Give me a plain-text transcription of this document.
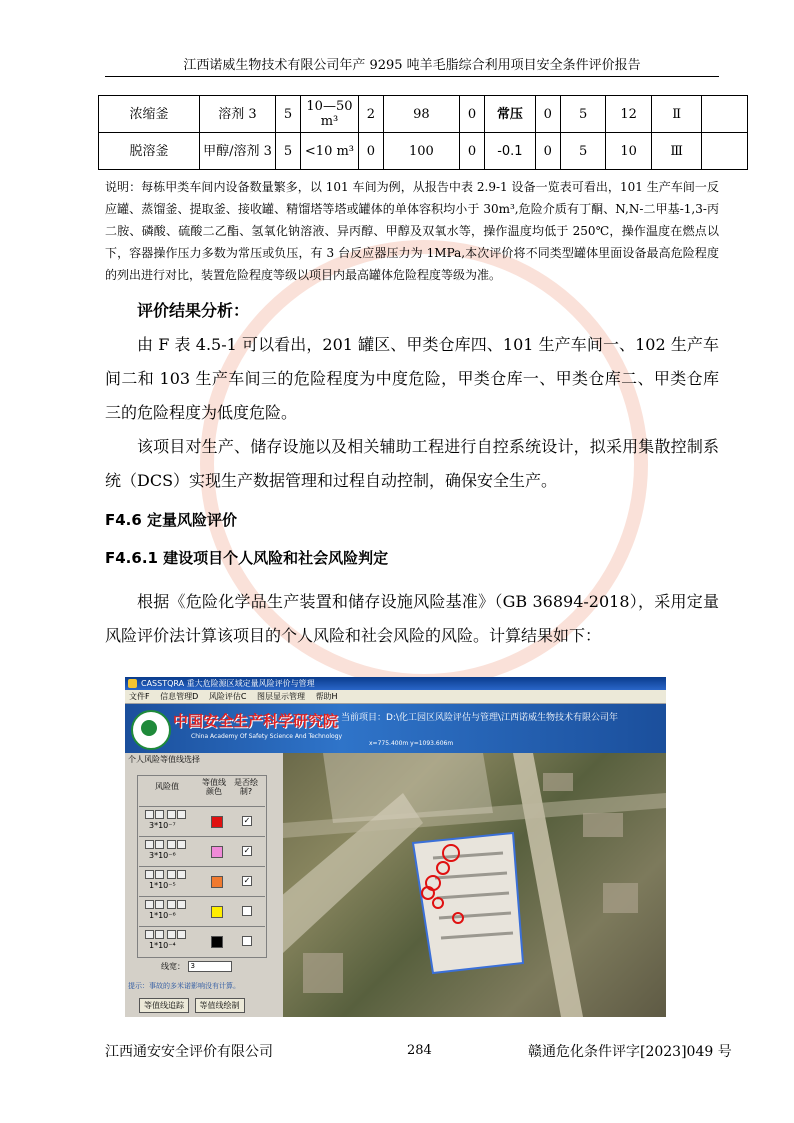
江西诺威生物技术有限公司年产 9295 吨羊毛脂综合利用项目安全条件评价报告
浓缩釜	溶剂 3	5	10—50 m³	2	98	0	常压	0	5	12	Ⅱ	
脱溶釜	甲醇/溶剂 3	5	<10 m³	0	100	0	-0.1	0	5	10	Ⅲ	
说明：每栋甲类车间内设备数量繁多，以 101 车间为例，从报告中表 2.9-1 设备一览表可看出，101 生产车间一反应罐、蒸馏釜、提取釜、接收罐、精馏塔等塔或罐体的单体容积均小于 30m³,危险介质有丁酮、N,N-二甲基-1,3-丙二胺、磷酸、硫酸二乙酯、氢氧化钠溶液、异丙醇、甲醇及双氧水等，操作温度均低于 250℃，操作温度在燃点以下，容器操作压力多数为常压或负压，有 3 台反应器压力为 1MPa,本次评价将不同类型罐体里面设备最高危险程度的列出进行对比，装置危险程度等级以项目内最高罐体危险程度等级为准。
评价结果分析：
由 F 表 4.5-1 可以看出，201 罐区、甲类仓库四、101 生产车间一、102 生产车间二和 103 生产车间三的危险程度为中度危险，甲类仓库一、甲类仓库二、甲类仓库三的危险程度为低度危险。
该项目对生产、储存设施以及相关辅助工程进行自控系统设计，拟采用集散控制系统（DCS）实现生产数据管理和过程自动控制，确保安全生产。
F4.6 定量风险评价
F4.6.1 建设项目个人风险和社会风险判定
根据《危险化学品生产装置和储存设施风险基准》（GB 36894-2018），采用定量风险评价法计算该项目的个人风险和社会风险的风险。计算结果如下：
CASSTQRA 重大危险源区域定量风险评价与管理
文件F 信息管理D 风险评估C 图层显示管理 帮助H
中国安全生产科学研究院
China Academy Of Safety Science And Technology
当前项目：D:\化工园区风险评估与管理\江西诺威生物技术有限公司年
x=775.400m y=1093.606m
个人风险等值线选择
风险值	等值线颜色
是否绘制?

3*10⁻⁷
✓

3*10⁻⁶
✓

1*10⁻⁵
✓

1*10⁻⁶

1*10⁻⁴
线宽： 3
提示：事故的多米诺影响没有计算。
等值线追踪 等值线绘制
江西通安安全评价有限公司	284	赣通危化条件评字[2023]049 号
